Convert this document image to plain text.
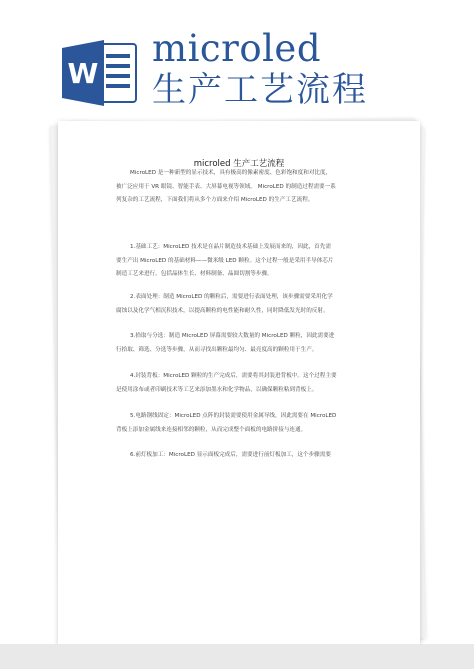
W
microled
生产工艺流程
microled 生产工艺流程
MicroLED 是一种新型的显示技术，具有极高的像素密度、色彩饱和度和对比度，
被广泛应用于 VR 眼镜、智能手表、大屏幕电视等领域。 MicroLED 的制造过程需要一系
列复杂的工艺流程，下面我们将从多个方面来介绍 MicroLED 的生产工艺流程。
1.基础工艺：MicroLED 技术是在晶片制造技术基础上发展而来的，因此，首先需
要生产出 MicroLED 的基础材料——微米级 LED 颗粒。这个过程一般是采用半导体芯片
制造工艺来进行，包括晶体生长、材料制备、晶圆切割等步骤。
2.表面处理：制造 MicroLED 的颗粒后，需要进行表面处理，该步骤需要采用化学
腐蚀以及化学气相沉积技术，以提高颗粒的电性能和耐久性，同时降低发光时的反射。
3.拾取与分选：制造 MicroLED 屏幕需要较大数量的 MicroLED 颗粒，因此需要进
行拾取、筛选、分选等步骤，从而寻找出颗粒最均匀、最亮度高的颗粒用于生产。
4.封装背板：MicroLED 颗粒的生产完成后，需要将其封装进背板中。这个过程主要
是使用涂布或者印刷技术等工艺来添加墨水和化学物品，以确保颗粒粘到背板上。
5.电路钢线固定：MicroLED 点阵的封装需要使用金属导线，因此需要在 MicroLED
背板上添加金属线来连接相邻的颗粒，从而完成整个面板的电路拼接与连通。
6.前灯板加工：MicroLED 显示面板完成后，需要进行前灯板加工，这个步骤需要
